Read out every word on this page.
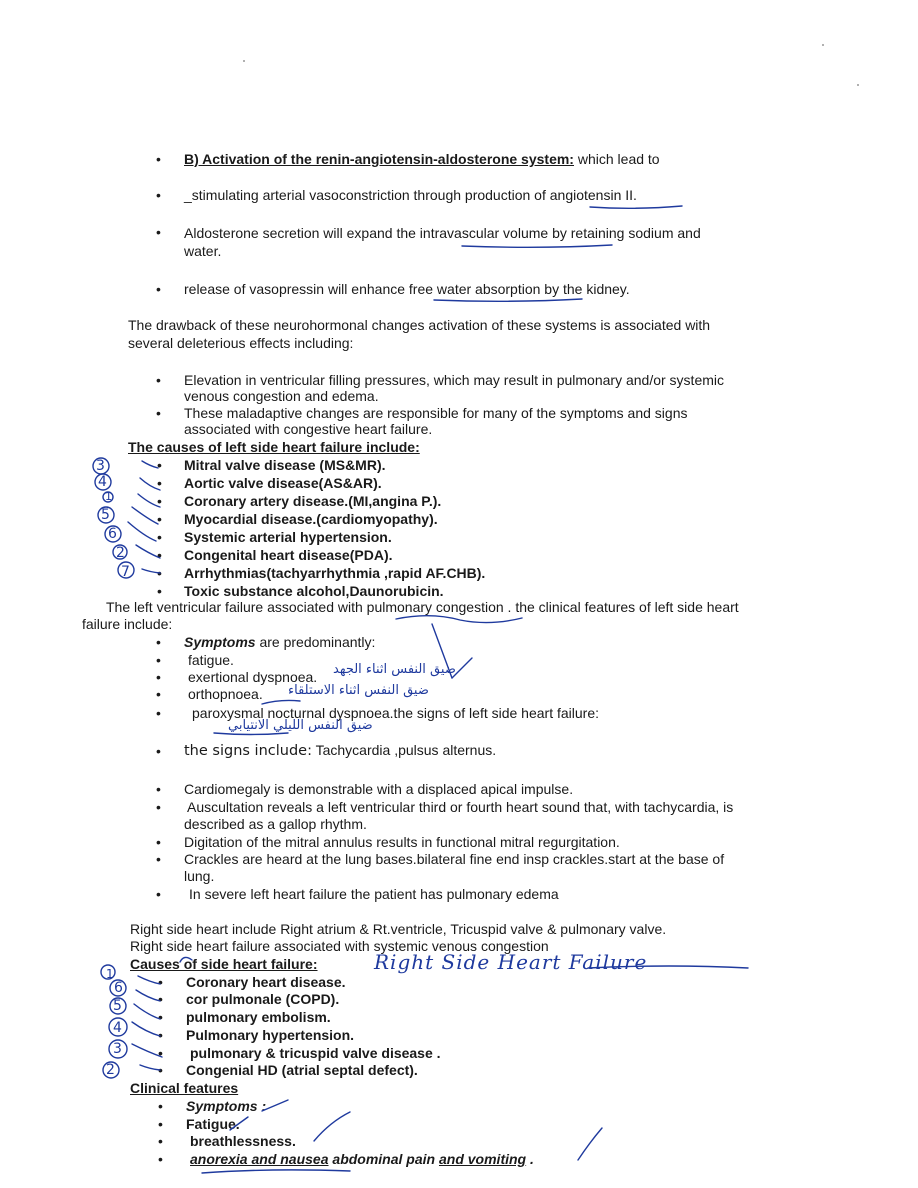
• B) Activation of the renin-angiotensin-aldosterone system: which lead to
• _stimulating arterial vasoconstriction through production of angiotensin II.
• Aldosterone secretion will expand the intravascular volume by retaining sodium and
water.
• release of vasopressin will enhance free water absorption by the kidney.
The drawback of these neurohormonal changes activation of these systems is associated with
several deleterious effects including:
• Elevation in ventricular filling pressures, which may result in pulmonary and/or systemic
venous congestion and edema.
• These maladaptive changes are responsible for many of the symptoms and signs
associated with congestive heart failure.
The causes of left side heart failure include:
• Mitral valve disease (MS&MR).
• Aortic valve disease(AS&AR).
• Coronary artery disease.(MI,angina P.).
• Myocardial disease.(cardiomyopathy).
• Systemic arterial hypertension.
• Congenital heart disease(PDA).
• Arrhythmias(tachyarrhythmia ,rapid AF.CHB).
• Toxic substance alcohol,Daunorubicin.
3
4
1
5
6
2
7
The left ventricular failure associated with pulmonary congestion . the clinical features of left side heart
failure include:
• Symptoms are predominantly:
• fatigue.
• exertional dyspnoea.
• orthopnoea.
• paroxysmal nocturnal dyspnoea.the signs of left side heart failure:
ضيق النفس اثناء الجهد
ضيق النفس اثناء الاستلقاء
ضيق النفس الليلي الانتيابي
• the signs include: Tachycardia ,pulsus alternus.
• Cardiomegaly is demonstrable with a displaced apical impulse.
• Auscultation reveals a left ventricular third or fourth heart sound that, with tachycardia, is
described as a gallop rhythm.
• Digitation of the mitral annulus results in functional mitral regurgitation.
• Crackles are heard at the lung bases.bilateral fine end insp crackles.start at the base of
lung.
• In severe left heart failure the patient has pulmonary edema
Right side heart include Right atrium & Rt.ventricle, Tricuspid valve & pulmonary valve.
Right side heart failure associated with systemic venous congestion
Causes of side heart failure:	Right Side Heart Failure
• Coronary heart disease.
• cor pulmonale (COPD).
• pulmonary embolism.
• Pulmonary hypertension.
• pulmonary & tricuspid valve disease .
• Congenial HD (atrial septal defect).
1
6
5
4
3
2
Clinical features
• Symptoms :
• Fatigue.
• breathlessness.
• anorexia and nausea abdominal pain and vomiting .
